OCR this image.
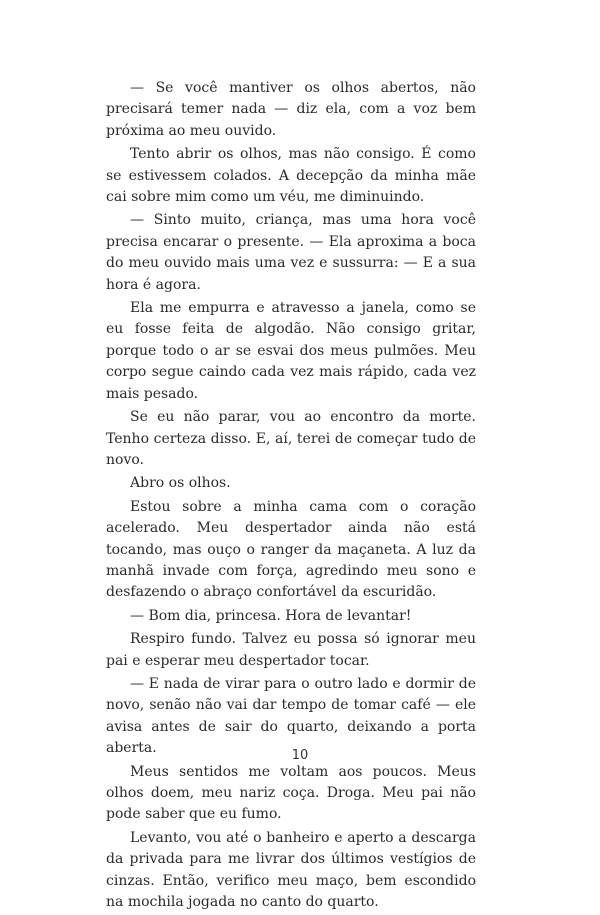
— Se você mantiver os olhos abertos, não precisará temer nada — diz ela, com a voz bem próxima ao meu ouvido.

Tento abrir os olhos, mas não consigo. É como se estivessem colados. A decepção da minha mãe cai sobre mim como um véu, me diminuindo.

— Sinto muito, criança, mas uma hora você precisa encarar o presente. — Ela aproxima a boca do meu ouvido mais uma vez e sussurra: — E a sua hora é agora.

Ela me empurra e atravesso a janela, como se eu fosse feita de algodão. Não consigo gritar, porque todo o ar se esvai dos meus pulmões. Meu corpo segue caindo cada vez mais rápido, cada vez mais pesado.

Se eu não parar, vou ao encontro da morte. Tenho certeza disso. E, aí, terei de começar tudo de novo.

Abro os olhos.

Estou sobre a minha cama com o coração acelerado. Meu despertador ainda não está tocando, mas ouço o ranger da maçaneta. A luz da manhã invade com força, agredindo meu sono e desfazendo o abraço confortável da escuridão.

— Bom dia, princesa. Hora de levantar!

Respiro fundo. Talvez eu possa só ignorar meu pai e esperar meu despertador tocar.

— E nada de virar para o outro lado e dormir de novo, senão não vai dar tempo de tomar café — ele avisa antes de sair do quarto, deixando a porta aberta.

Meus sentidos me voltam aos poucos. Meus olhos doem, meu nariz coça. Droga. Meu pai não pode saber que eu fumo.

Levanto, vou até o banheiro e aperto a descarga da privada para me livrar dos últimos vestígios de cinzas. Então, verifico meu maço, bem escondido na mochila jogada no canto do quarto.

10
